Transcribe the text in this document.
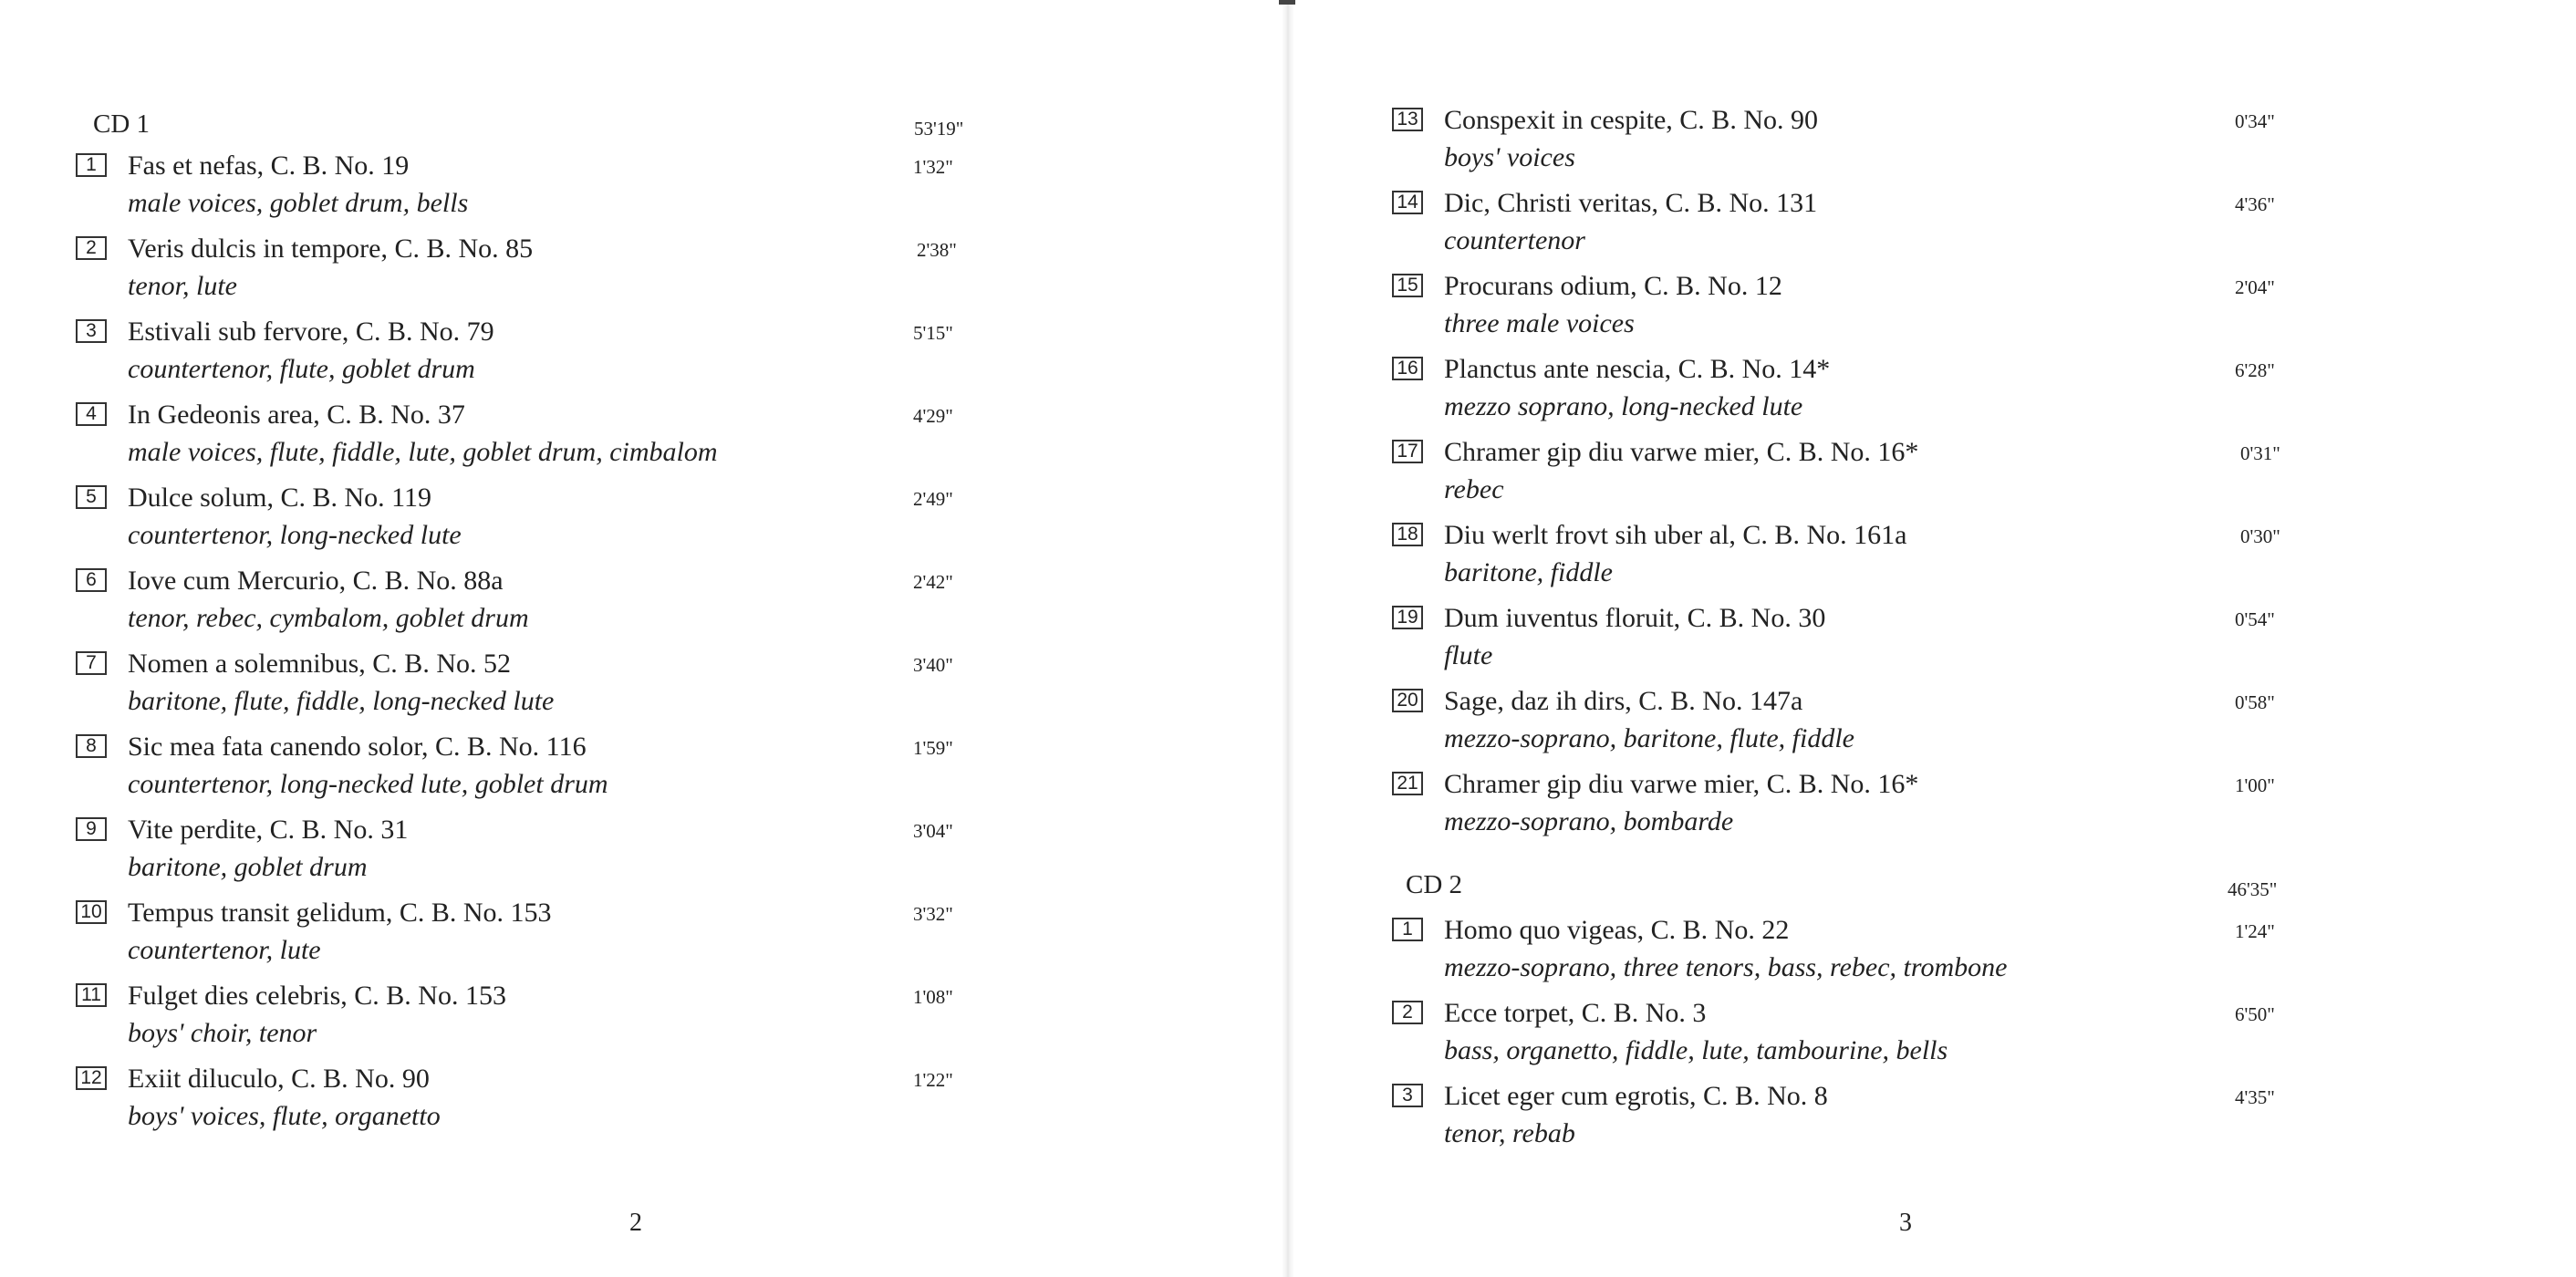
CD 1	53'19"
1	Fas et nefas, C. B. No. 19
male voices, goblet drum, bells
1'32"
2	Veris dulcis in tempore, C. B. No. 85
tenor, lute
2'38"
3	Estivali sub fervore, C. B. No. 79
countertenor, flute, goblet drum
5'15"
4	In Gedeonis area, C. B. No. 37
male voices, flute, fiddle, lute, goblet drum, cimbalom
4'29"
5	Dulce solum, C. B. No. 119
countertenor, long-necked lute
2'49"
6	Iove cum Mercurio, C. B. No. 88a
tenor, rebec, cymbalom, goblet drum
2'42"
7	Nomen a solemnibus, C. B. No. 52
baritone, flute, fiddle, long-necked lute
3'40"
8	Sic mea fata canendo solor, C. B. No. 116
countertenor, long-necked lute, goblet drum
1'59"
9	Vite perdite, C. B. No. 31
baritone, goblet drum
3'04"
10 Tempus transit gelidum, C. B. No. 153
countertenor, lute
3'32"
11 Fulget dies celebris, C. B. No. 153
boys' choir, tenor
1'08"
12 Exiit diluculo, C. B. No. 90
boys' voices, flute, organetto
1'22"
2
13 Conspexit in cespite, C. B. No. 90
boys' voices
0'34"
14 Dic, Christi veritas, C. B. No. 131
countertenor
4'36"
15 Procurans odium, C. B. No. 12
three male voices
2'04"
16 Planctus ante nescia, C. B. No. 14*
mezzo soprano, long-necked lute
6'28"
17 Chramer gip diu varwe mier, C. B. No. 16*
rebec
0'31"
18 Diu werlt frovt sih uber al, C. B. No. 161a
baritone, fiddle
0'30"
19 Dum iuventus floruit, C. B. No. 30
flute
0'54"
20 Sage, daz ih dirs, C. B. No. 147a
mezzo-soprano, baritone, flute, fiddle
0'58"
21 Chramer gip diu varwe mier, C. B. No. 16*
mezzo-soprano, bombarde
1'00"
CD 2	46'35"
1	Homo quo vigeas, C. B. No. 22
mezzo-soprano, three tenors, bass, rebec, trombone
1'24"
2	Ecce torpet, C. B. No. 3
bass, organetto, fiddle, lute, tambourine, bells
6'50"
3	Licet eger cum egrotis, C. B. No. 8
tenor, rebab
4'35"
3
